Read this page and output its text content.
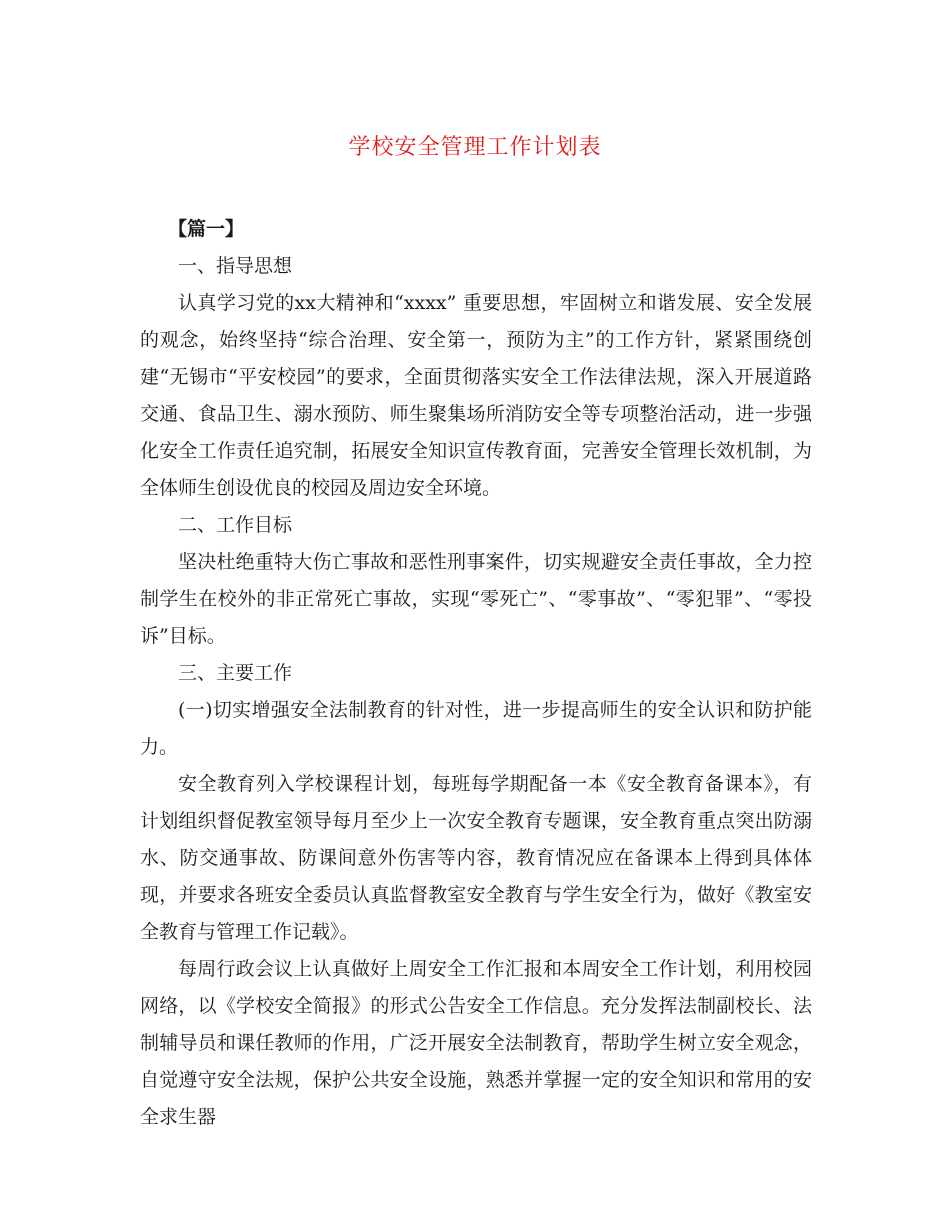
学校安全管理工作计划表

【篇一】

一、指导思想

认真学习党的xx大精神和“xxxx” 重要思想，牢固树立和谐发展、安全发展的观念，始终坚持“综合治理、安全第一，预防为主”的工作方针，紧紧围绕创建“无锡市“平安校园”的要求，全面贯彻落实安全工作法律法规，深入开展道路交通、食品卫生、溺水预防、师生聚集场所消防安全等专项整治活动，进一步强化安全工作责任追究制，拓展安全知识宣传教育面，完善安全管理长效机制，为全体师生创设优良的校园及周边安全环境。

二、工作目标

坚决杜绝重特大伤亡事故和恶性刑事案件，切实规避安全责任事故，全力控制学生在校外的非正常死亡事故，实现“零死亡”、“零事故”、“零犯罪”、“零投诉”目标。

三、主要工作

(一)切实增强安全法制教育的针对性，进一步提高师生的安全认识和防护能力。

安全教育列入学校课程计划，每班每学期配备一本《安全教育备课本》，有计划组织督促教室领导每月至少上一次安全教育专题课，安全教育重点突出防溺水、防交通事故、防课间意外伤害等内容，教育情况应在备课本上得到具体体现，并要求各班安全委员认真监督教室安全教育与学生安全行为，做好《教室安全教育与管理工作记载》。

每周行政会议上认真做好上周安全工作汇报和本周安全工作计划，利用校园网络，以《学校安全简报》的形式公告安全工作信息。充分发挥法制副校长、法制辅导员和课任教师的作用，广泛开展安全法制教育，帮助学生树立安全观念，自觉遵守安全法规，保护公共安全设施，熟悉并掌握一定的安全知识和常用的安全求生器
